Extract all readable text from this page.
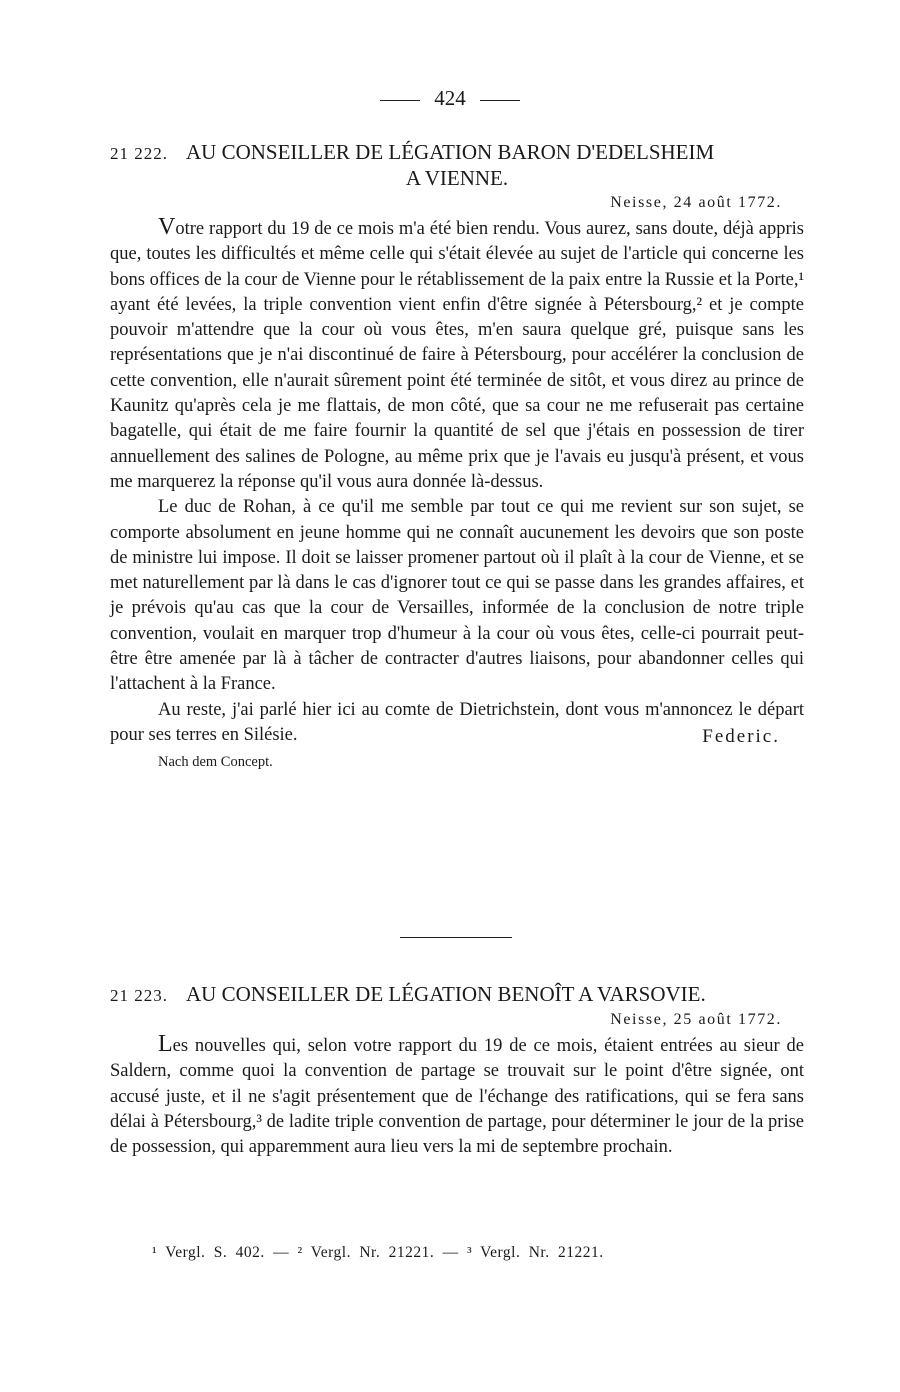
424

21 222. AU CONSEILLER DE LÉGATION BARON D'EDELSHEIM

A VIENNE.

Neisse, 24 août 1772.

Votre rapport du 19 de ce mois m'a été bien rendu. Vous aurez, sans doute, déjà appris que, toutes les difficultés et même celle qui s'était élevée au sujet de l'article qui concerne les bons offices de la cour de Vienne pour le rétablissement de la paix entre la Russie et la Porte,¹ ayant été levées, la triple convention vient enfin d'être signée à Pétersbourg,² et je compte pouvoir m'attendre que la cour où vous êtes, m'en saura quelque gré, puisque sans les représentations que je n'ai discontinué de faire à Pétersbourg, pour accélérer la conclusion de cette convention, elle n'aurait sûrement point été terminée de sitôt, et vous direz au prince de Kaunitz qu'après cela je me flattais, de mon côté, que sa cour ne me refuserait pas certaine bagatelle, qui était de me faire fournir la quantité de sel que j'étais en possession de tirer annuellement des salines de Pologne, au même prix que je l'avais eu jusqu'à présent, et vous me marquerez la réponse qu'il vous aura donnée là-dessus.

Le duc de Rohan, à ce qu'il me semble par tout ce qui me revient sur son sujet, se comporte absolument en jeune homme qui ne connaît aucunement les devoirs que son poste de ministre lui impose. Il doit se laisser promener partout où il plaît à la cour de Vienne, et se met naturellement par là dans le cas d'ignorer tout ce qui se passe dans les grandes affaires, et je prévois qu'au cas que la cour de Versailles, informée de la conclusion de notre triple convention, voulait en marquer trop d'humeur à la cour où vous êtes, celle-ci pourrait peut-être être amenée par là à tâcher de contracter d'autres liaisons, pour abandonner celles qui l'attachent à la France.

Au reste, j'ai parlé hier ici au comte de Dietrichstein, dont vous m'annoncez le départ pour ses terres en Silésie.	Federic.
Nach dem Concept.

21 223. AU CONSEILLER DE LÉGATION BENOÎT A VARSOVIE.

Neisse, 25 août 1772.

Les nouvelles qui, selon votre rapport du 19 de ce mois, étaient entrées au sieur de Saldern, comme quoi la convention de partage se trouvait sur le point d'être signée, ont accusé juste, et il ne s'agit présentement que de l'échange des ratifications, qui se fera sans délai à Pétersbourg,³ de ladite triple convention de partage, pour déterminer le jour de la prise de possession, qui apparemment aura lieu vers la mi de septembre prochain.

¹ Vergl. S. 402. — ² Vergl. Nr. 21221. — ³ Vergl. Nr. 21221.
